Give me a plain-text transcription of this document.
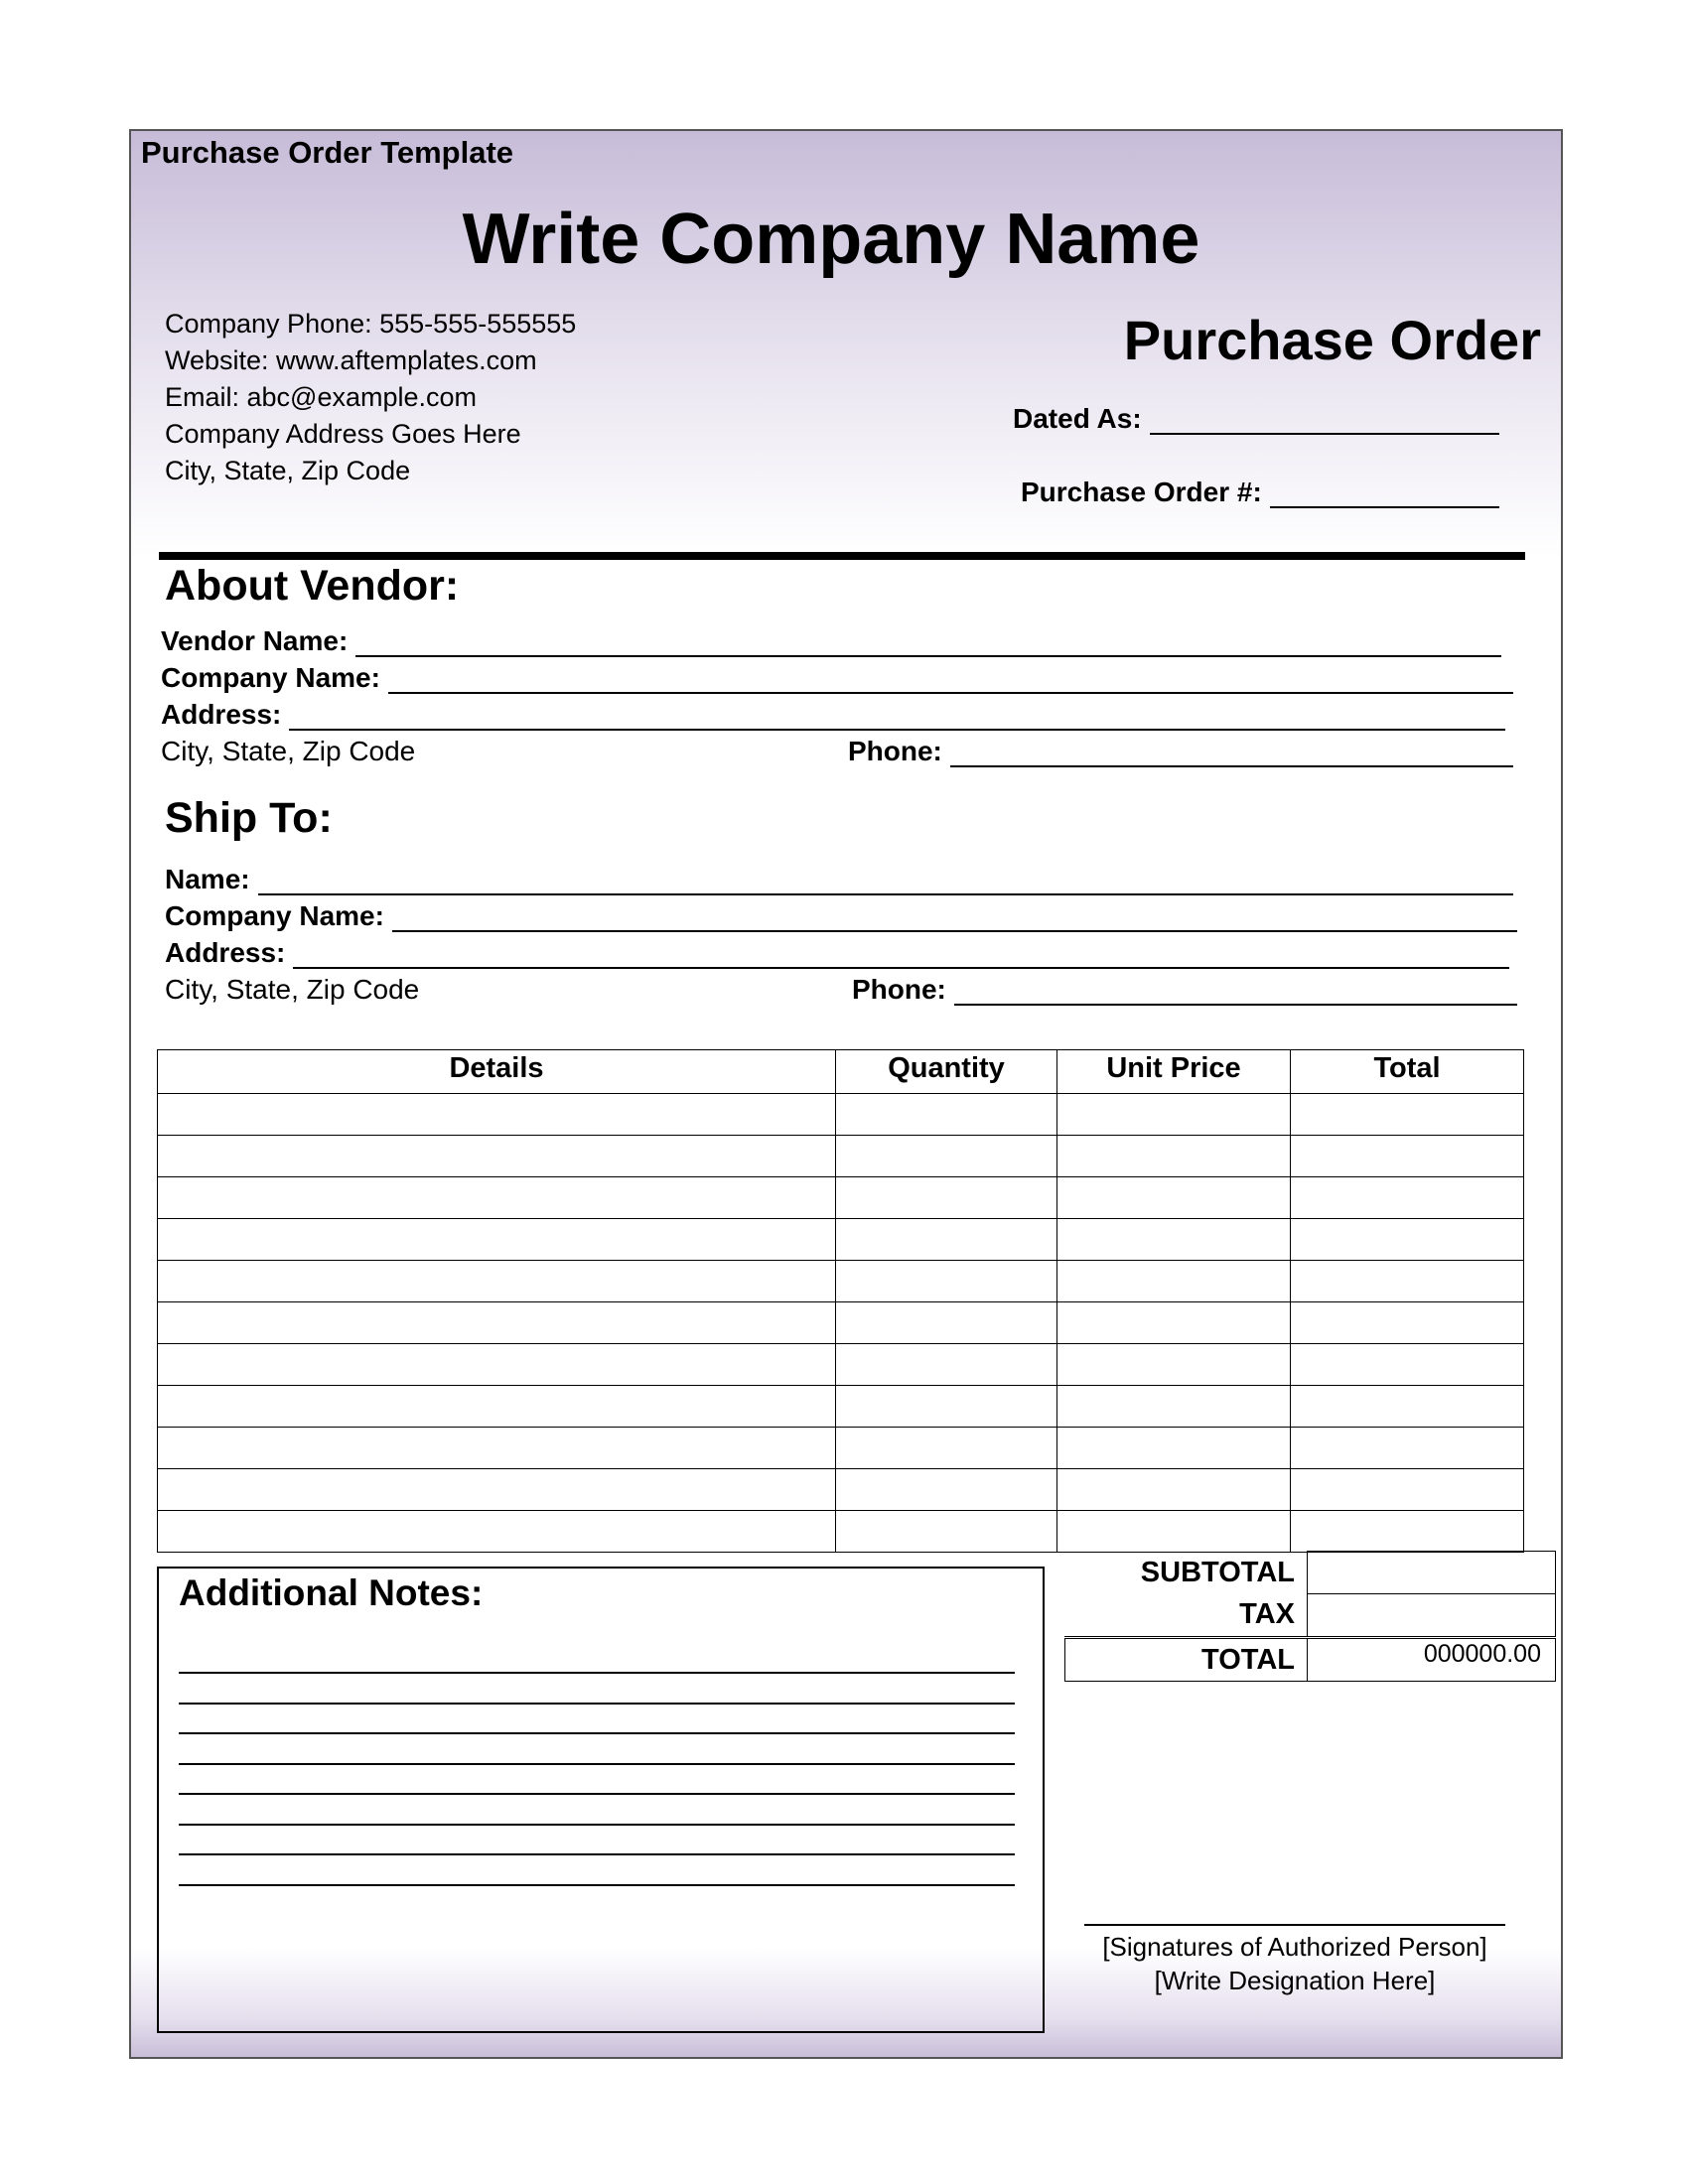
Purchase Order Template
Write Company Name
Company Phone: 555-555-555555
Website: www.aftemplates.com
Email: abc@example.com
Company Address Goes Here
City, State, Zip Code
Purchase Order
Dated As:
Purchase Order #:
About Vendor:
Vendor Name:
Company Name:
Address:
City, State, Zip Code	Phone:
Ship To:
Name:
Company Name:
Address:
City, State, Zip Code	Phone:
Details	Quantity	Unit Price	Total

SUBTOTAL	
TAX	
TOTAL	000000.00
Additional Notes:
[Signatures of Authorized Person]
[Write Designation Here]
